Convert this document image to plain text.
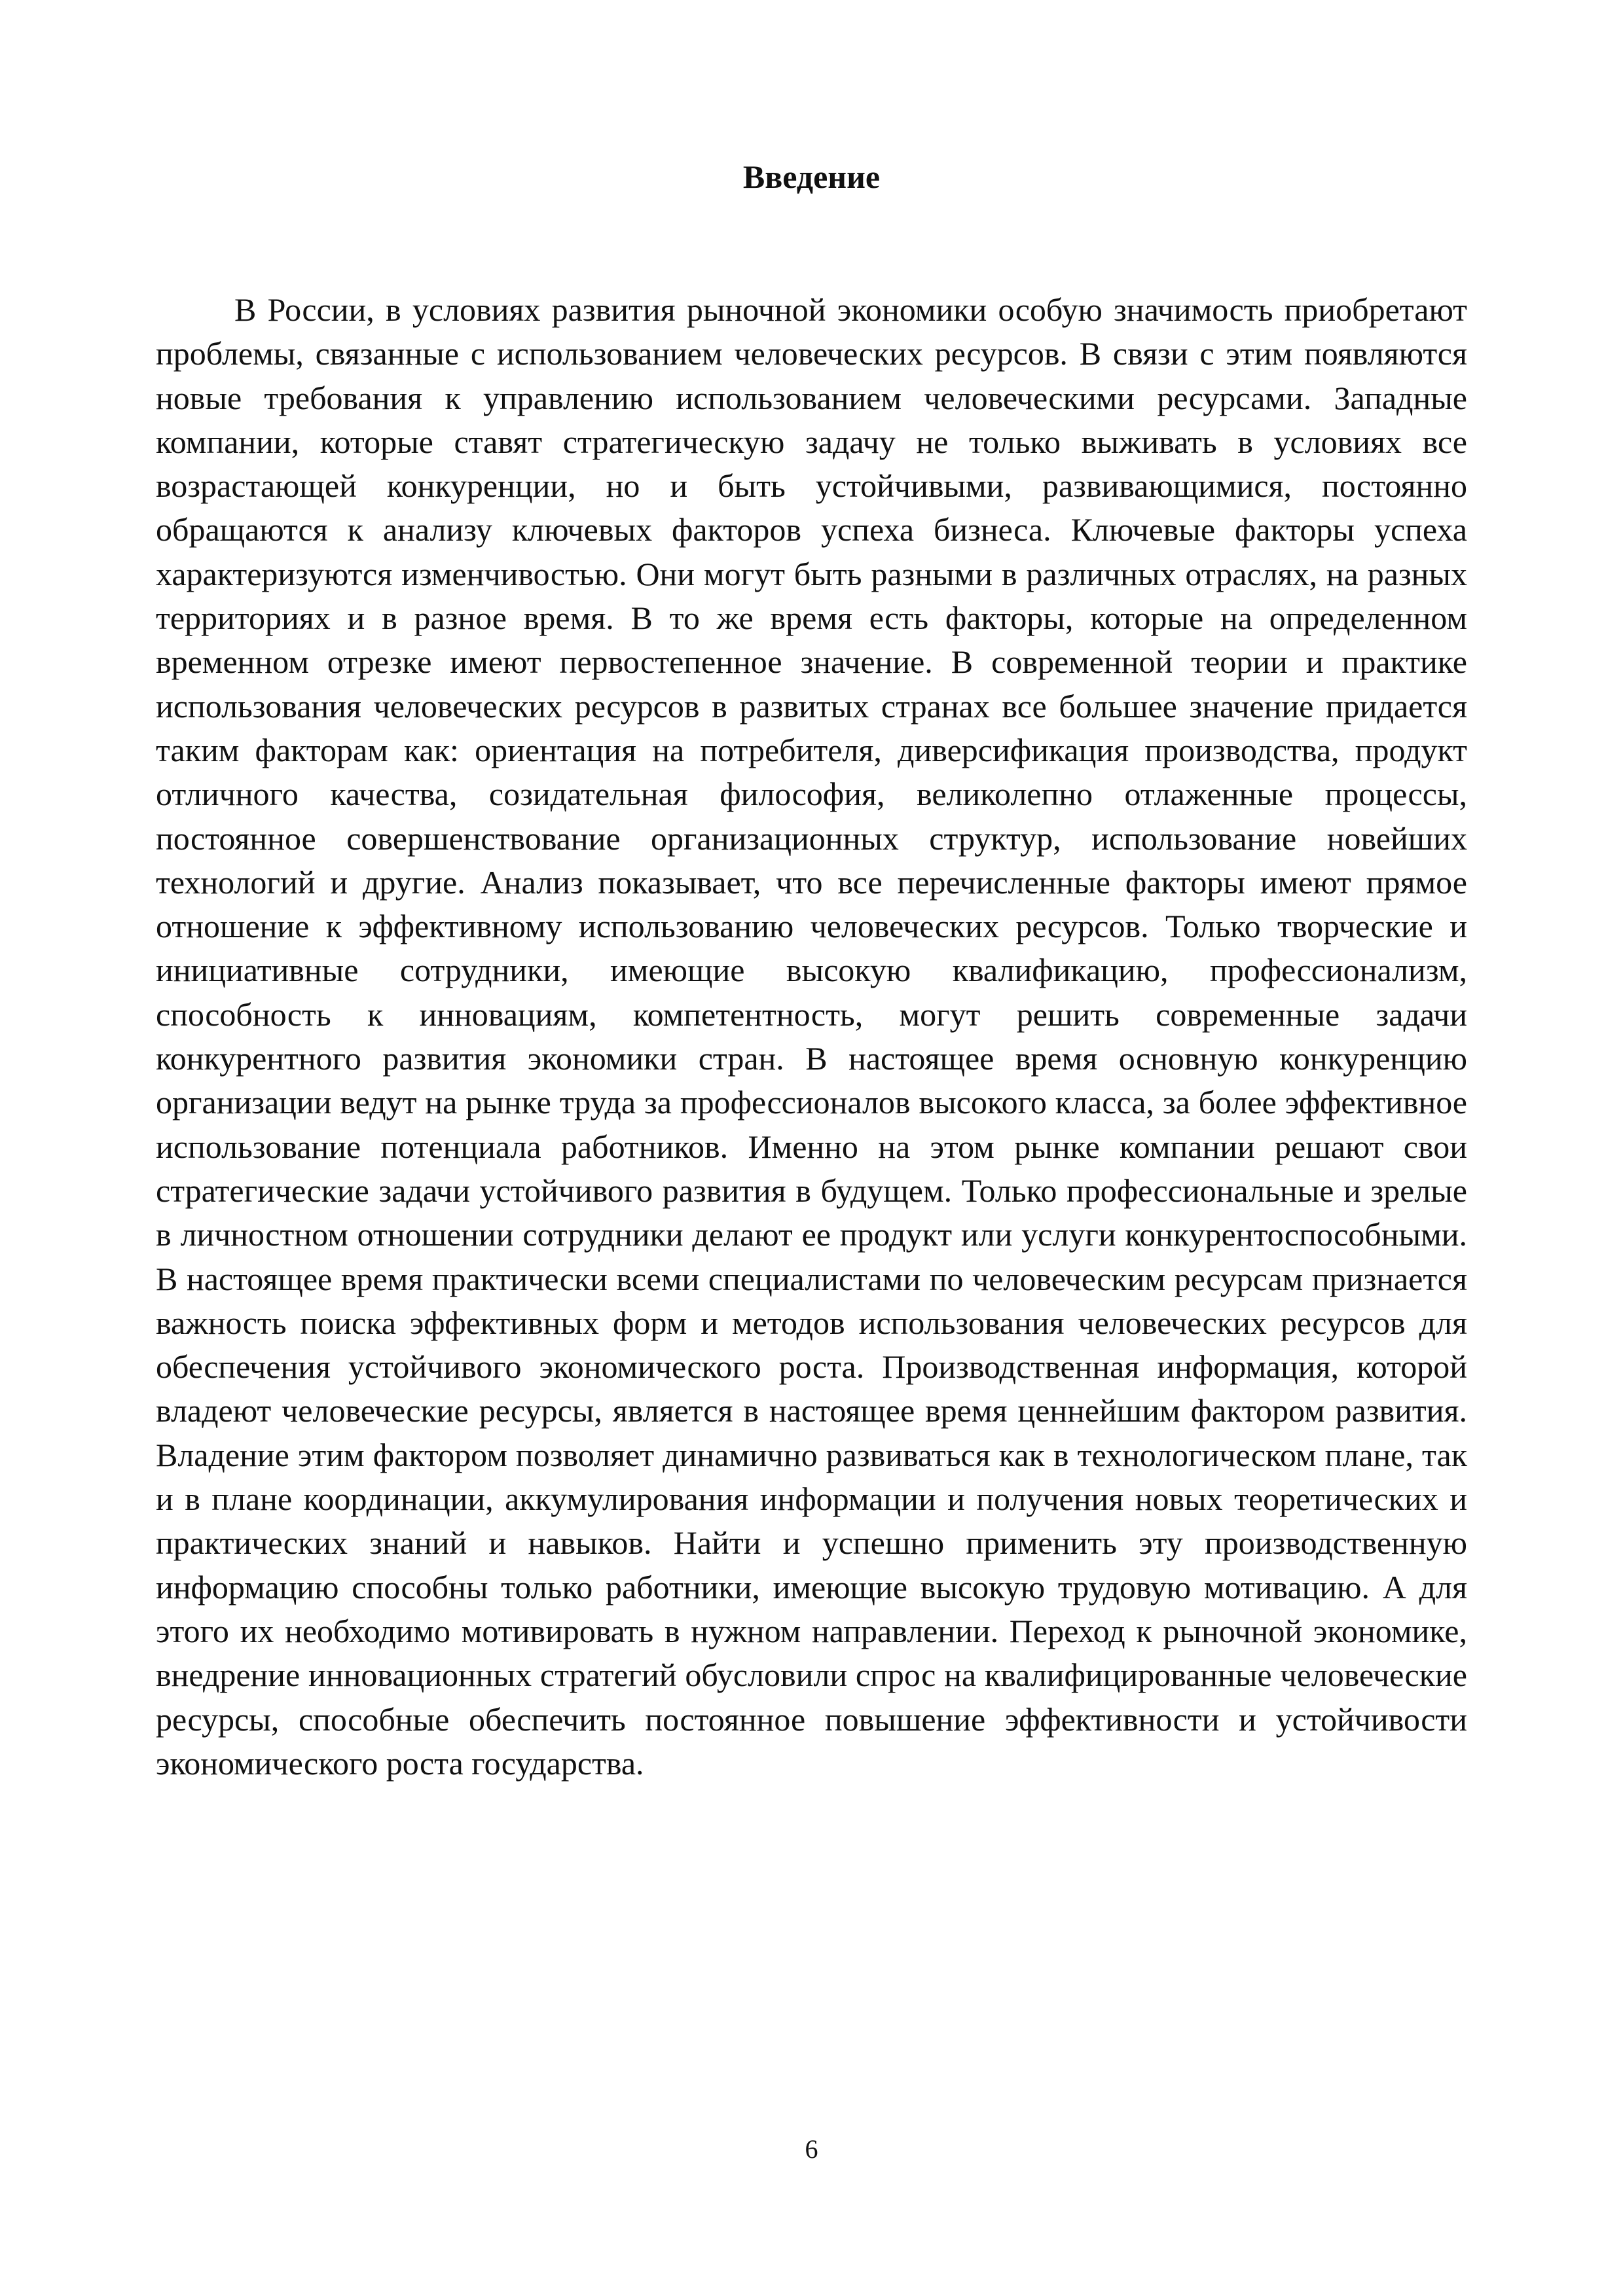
Введение

В России, в условиях развития рыночной экономики особую значимость приобретают проблемы, связанные с использованием человеческих ресурсов. В связи с этим появляются новые требования к управлению использованием человеческими ресурсами. Западные компании, которые ставят стратегическую задачу не только выживать в условиях все возрастающей конкуренции, но и быть устойчивыми, развивающимися, постоянно обращаются к анализу ключевых факторов успеха бизнеса. Ключевые факторы успеха характеризуются изменчивостью. Они могут быть разными в различных отраслях, на разных территориях и в разное время. В то же время есть факторы, которые на определенном временном отрезке имеют первостепенное значение. В современной теории и практике использования человеческих ресурсов в развитых странах все большее значение придается таким факторам как: ориентация на потребителя, диверсификация производства, продукт отличного качества, созидательная философия, великолепно отлаженные процессы, постоянное совершенствование организационных структур, использование новейших технологий и другие. Анализ показывает, что все перечисленные факторы имеют прямое отношение к эффективному использованию человеческих ресурсов. Только творческие и инициативные сотрудники, имеющие высокую квалификацию, профессионализм, способность к инновациям, компетентность, могут решить современные задачи конкурентного развития экономики стран. В настоящее время основную конкуренцию организации ведут на рынке труда за профессионалов высокого класса, за более эффективное использование потенциала работников. Именно на этом рынке компании решают свои стратегические задачи устойчивого развития в будущем. Только профессиональные и зрелые в личностном отношении сотрудники делают ее продукт или услуги конкурентоспособными. В настоящее время практически всеми специалистами по человеческим ресурсам признается важность поиска эффективных форм и методов использования человеческих ресурсов для обеспечения устойчивого экономического роста. Производственная информация, которой владеют человеческие ресурсы, является в настоящее время ценнейшим фактором развития. Владение этим фактором позволяет динамично развиваться как в технологическом плане, так и в плане координации, аккумулирования информации и получения новых теоретических и практических знаний и навыков. Найти и успешно применить эту производственную информацию способны только работники, имеющие высокую трудовую мотивацию. А для этого их необходимо мотивировать в нужном направлении. Переход к рыночной экономике, внедрение инновационных стратегий обусловили спрос на квалифицированные человеческие ресурсы, способные обеспечить постоянное повышение эффективности и устойчивости экономического роста государства.

6
